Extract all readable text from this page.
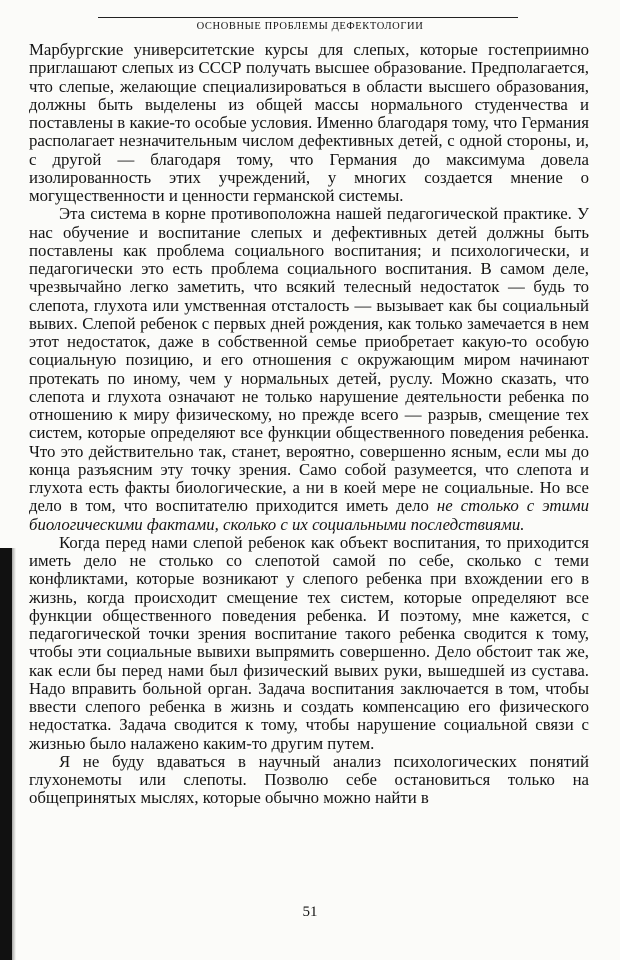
ОСНОВНЫЕ ПРОБЛЕМЫ ДЕФЕКТОЛОГИИ

Марбургские университетские курсы для слепых, которые гостеприимно приглашают слепых из СССР получать высшее образование. Предполагается, что слепые, желающие специализироваться в области высшего образования, должны быть выделены из общей массы нормального студенчества и поставлены в какие-то особые условия. Именно благодаря тому, что Германия располагает незначительным числом дефективных детей, с одной стороны, и, с другой — благодаря тому, что Германия до максимума довела изолированность этих учреждений, у многих создается мнение о могущественности и ценности германской системы.

Эта система в корне противоположна нашей педагогической практике. У нас обучение и воспитание слепых и дефективных детей должны быть поставлены как проблема социального воспитания; и психологически, и педагогически это есть проблема социального воспитания. В самом деле, чрезвычайно легко заметить, что всякий телесный недостаток — будь то слепота, глухота или умственная отсталость — вызывает как бы социальный вывих. Слепой ребенок с первых дней рождения, как только замечается в нем этот недостаток, даже в собственной семье приобретает какую-то особую социальную позицию, и его отношения с окружающим миром начинают протекать по иному, чем у нормальных детей, руслу. Можно сказать, что слепота и глухота означают не только нарушение деятельности ребенка по отношению к миру физическому, но прежде всего — разрыв, смещение тех систем, которые определяют все функции общественного поведения ребенка. Что это действительно так, станет, вероятно, совершенно ясным, если мы до конца разъясним эту точку зрения. Само собой разумеется, что слепота и глухота есть факты биологические, а ни в коей мере не социальные. Но все дело в том, что воспитателю приходится иметь дело не столько с этими биологическими фактами, сколько с их социальными последствиями.

Когда перед нами слепой ребенок как объект воспитания, то приходится иметь дело не столько со слепотой самой по себе, сколько с теми конфликтами, которые возникают у слепого ребенка при вхождении его в жизнь, когда происходит смещение тех систем, которые определяют все функции общественного поведения ребенка. И поэтому, мне кажется, с педагогической точки зрения воспитание такого ребенка сводится к тому, чтобы эти социальные вывихи выпрямить совершенно. Дело обстоит так же, как если бы перед нами был физический вывих руки, вышедшей из сустава. Надо вправить больной орган. Задача воспитания заключается в том, чтобы ввести слепого ребенка в жизнь и создать компенсацию его физического недостатка. Задача сводится к тому, чтобы нарушение социальной связи с жизнью было налажено каким-то другим путем.

Я не буду вдаваться в научный анализ психологических понятий глухонемоты или слепоты. Позволю себе остановиться только на общепринятых мыслях, которые обычно можно найти в

51
